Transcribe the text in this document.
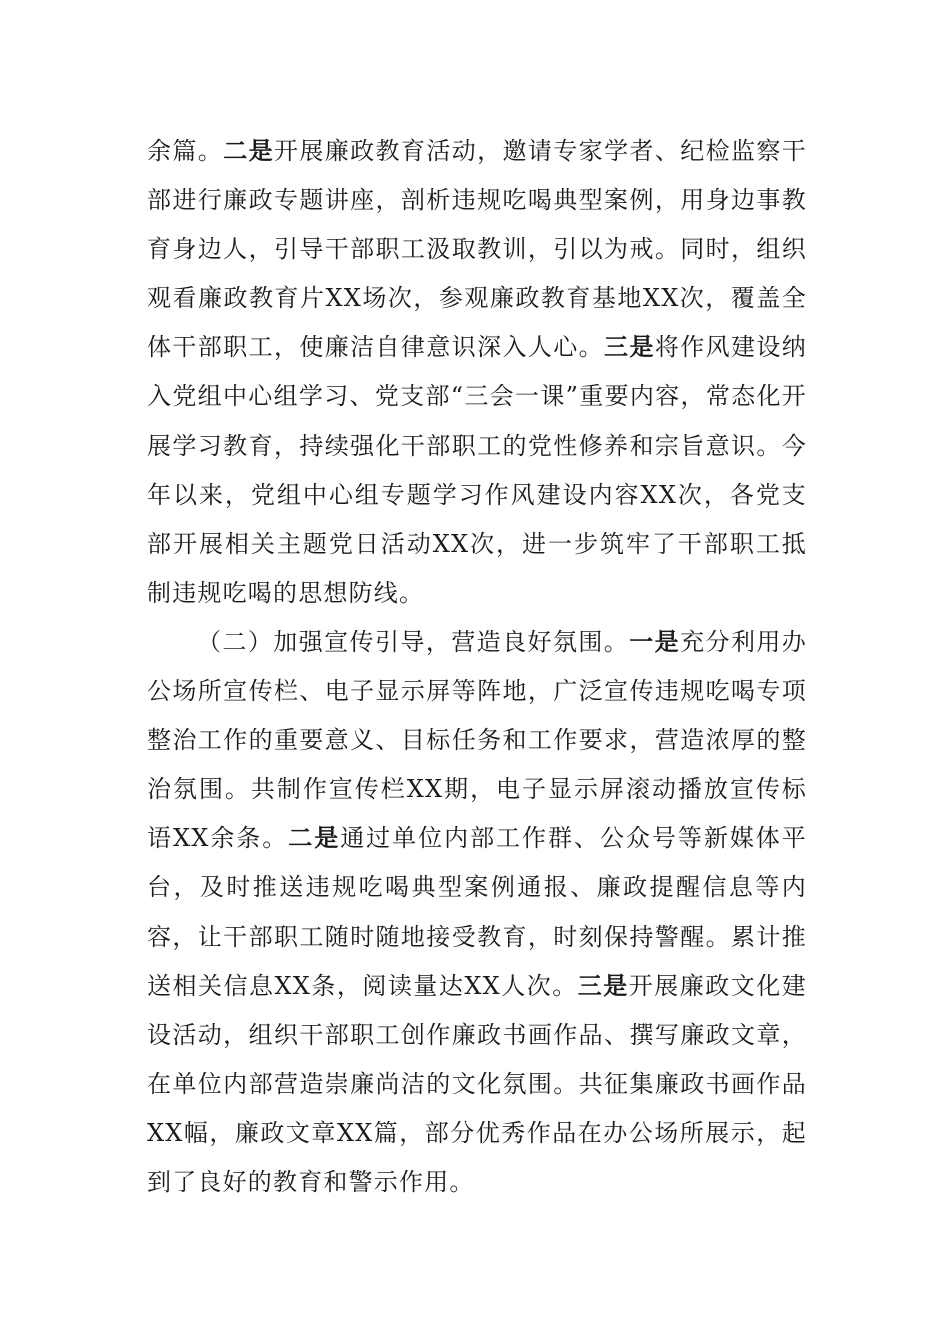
余篇。二是开展廉政教育活动，邀请专家学者、纪检监察干部进行廉政专题讲座，剖析违规吃喝典型案例，用身边事教育身边人，引导干部职工汲取教训，引以为戒。同时，组织观看廉政教育片XX场次，参观廉政教育基地XX次，覆盖全体干部职工，使廉洁自律意识深入人心。三是将作风建设纳入党组中心组学习、党支部“三会一课”重要内容，常态化开展学习教育，持续强化干部职工的党性修养和宗旨意识。今年以来，党组中心组专题学习作风建设内容XX次，各党支部开展相关主题党日活动XX次，进一步筑牢了干部职工抵制违规吃喝的思想防线。

（二）加强宣传引导，营造良好氛围。一是充分利用办公场所宣传栏、电子显示屏等阵地，广泛宣传违规吃喝专项整治工作的重要意义、目标任务和工作要求，营造浓厚的整治氛围。共制作宣传栏XX期，电子显示屏滚动播放宣传标语XX余条。二是通过单位内部工作群、公众号等新媒体平台，及时推送违规吃喝典型案例通报、廉政提醒信息等内容，让干部职工随时随地接受教育，时刻保持警醒。累计推送相关信息XX条，阅读量达XX人次。三是开展廉政文化建设活动，组织干部职工创作廉政书画作品、撰写廉政文章，在单位内部营造崇廉尚洁的文化氛围。共征集廉政书画作品XX幅，廉政文章XX篇，部分优秀作品在办公场所展示，起到了良好的教育和警示作用。
